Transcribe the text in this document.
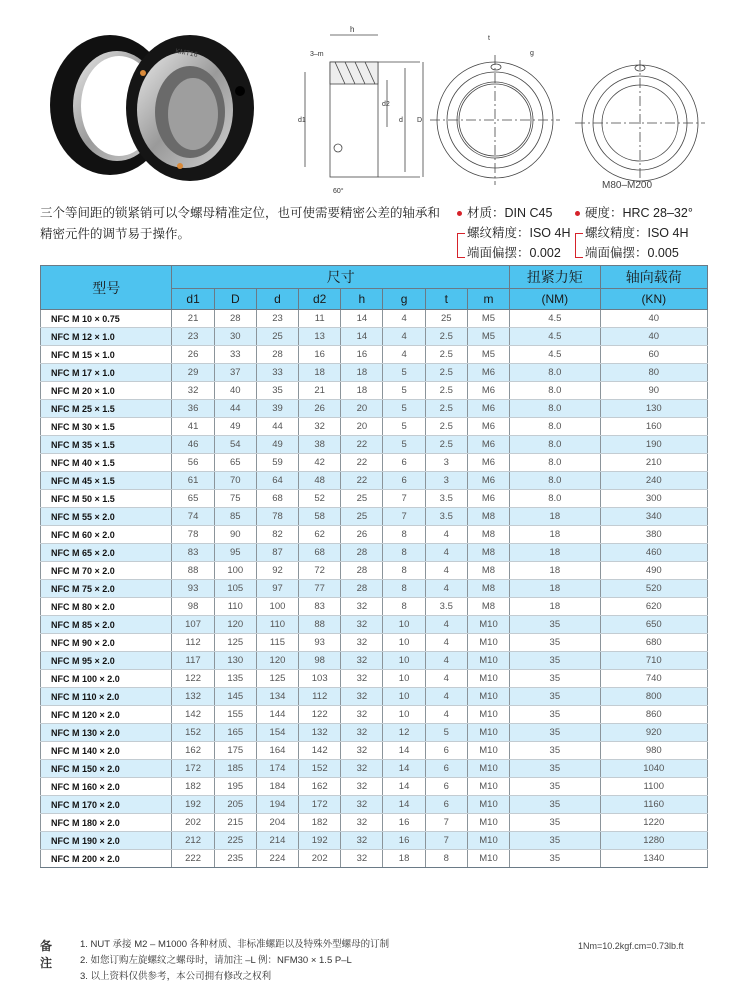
KMT16
h
3–m
d1
d2
d D
60°
t
g
M80–M200
三个等间距的锁紧销可以令螺母精准定位，也可使需要精密公差的轴承和精密元件的调节易于操作。
材质：DIN C45
螺纹精度：ISO 4H
端面偏摆：0.002
硬度：HRC 28–32°
螺纹精度：ISO 4H
端面偏摆：0.005
型号	尺寸								扭紧力矩	轴向载荷
	d1	D	d	d2	h	g	t	m	(NM)	(KN)
NFC M 10 × 0.75	21	28	23	11	14	4	25	M5	4.5	40
NFC M 12 × 1.0	23	30	25	13	14	4	2.5	M5	4.5	40
NFC M 15 × 1.0	26	33	28	16	16	4	2.5	M5	4.5	60
NFC M 17 × 1.0	29	37	33	18	18	5	2.5	M6	8.0	80
NFC M 20 × 1.0	32	40	35	21	18	5	2.5	M6	8.0	90
NFC M 25 × 1.5	36	44	39	26	20	5	2.5	M6	8.0	130
NFC M 30 × 1.5	41	49	44	32	20	5	2.5	M6	8.0	160
NFC M 35 × 1.5	46	54	49	38	22	5	2.5	M6	8.0	190
NFC M 40 × 1.5	56	65	59	42	22	6	3	M6	8.0	210
NFC M 45 × 1.5	61	70	64	48	22	6	3	M6	8.0	240
NFC M 50 × 1.5	65	75	68	52	25	7	3.5	M6	8.0	300
NFC M 55 × 2.0	74	85	78	58	25	7	3.5	M8	18	340
NFC M 60 × 2.0	78	90	82	62	26	8	4	M8	18	380
NFC M 65 × 2.0	83	95	87	68	28	8	4	M8	18	460
NFC M 70 × 2.0	88	100	92	72	28	8	4	M8	18	490
NFC M 75 × 2.0	93	105	97	77	28	8	4	M8	18	520
NFC M 80 × 2.0	98	110	100	83	32	8	3.5	M8	18	620
NFC M 85 × 2.0	107	120	110	88	32	10	4	M10	35	650
NFC M 90 × 2.0	112	125	115	93	32	10	4	M10	35	680
NFC M 95 × 2.0	117	130	120	98	32	10	4	M10	35	710
NFC M 100 × 2.0	122	135	125	103	32	10	4	M10	35	740
NFC M 110 × 2.0	132	145	134	112	32	10	4	M10	35	800
NFC M 120 × 2.0	142	155	144	122	32	10	4	M10	35	860
NFC M 130 × 2.0	152	165	154	132	32	12	5	M10	35	920
NFC M 140 × 2.0	162	175	164	142	32	14	6	M10	35	980
NFC M 150 × 2.0	172	185	174	152	32	14	6	M10	35	1040
NFC M 160 × 2.0	182	195	184	162	32	14	6	M10	35	1100
NFC M 170 × 2.0	192	205	194	172	32	14	6	M10	35	1160
NFC M 180 × 2.0	202	215	204	182	32	16	7	M10	35	1220
NFC M 190 × 2.0	212	225	214	192	32	16	7	M10	35	1280
NFC M 200 × 2.0	222	235	224	202	32	18	8	M10	35	1340
备注
1. NUT 承接 M2 – M1000 各种材质、非标准螺距以及特殊外型螺母的订制
2. 如您订购左旋螺纹之螺母时，请加注 –L 例：NFM30 × 1.5 P–L
3. 以上资料仅供参考，本公司拥有修改之权利
1Nm=10.2kgf.cm=0.73lb.ft
